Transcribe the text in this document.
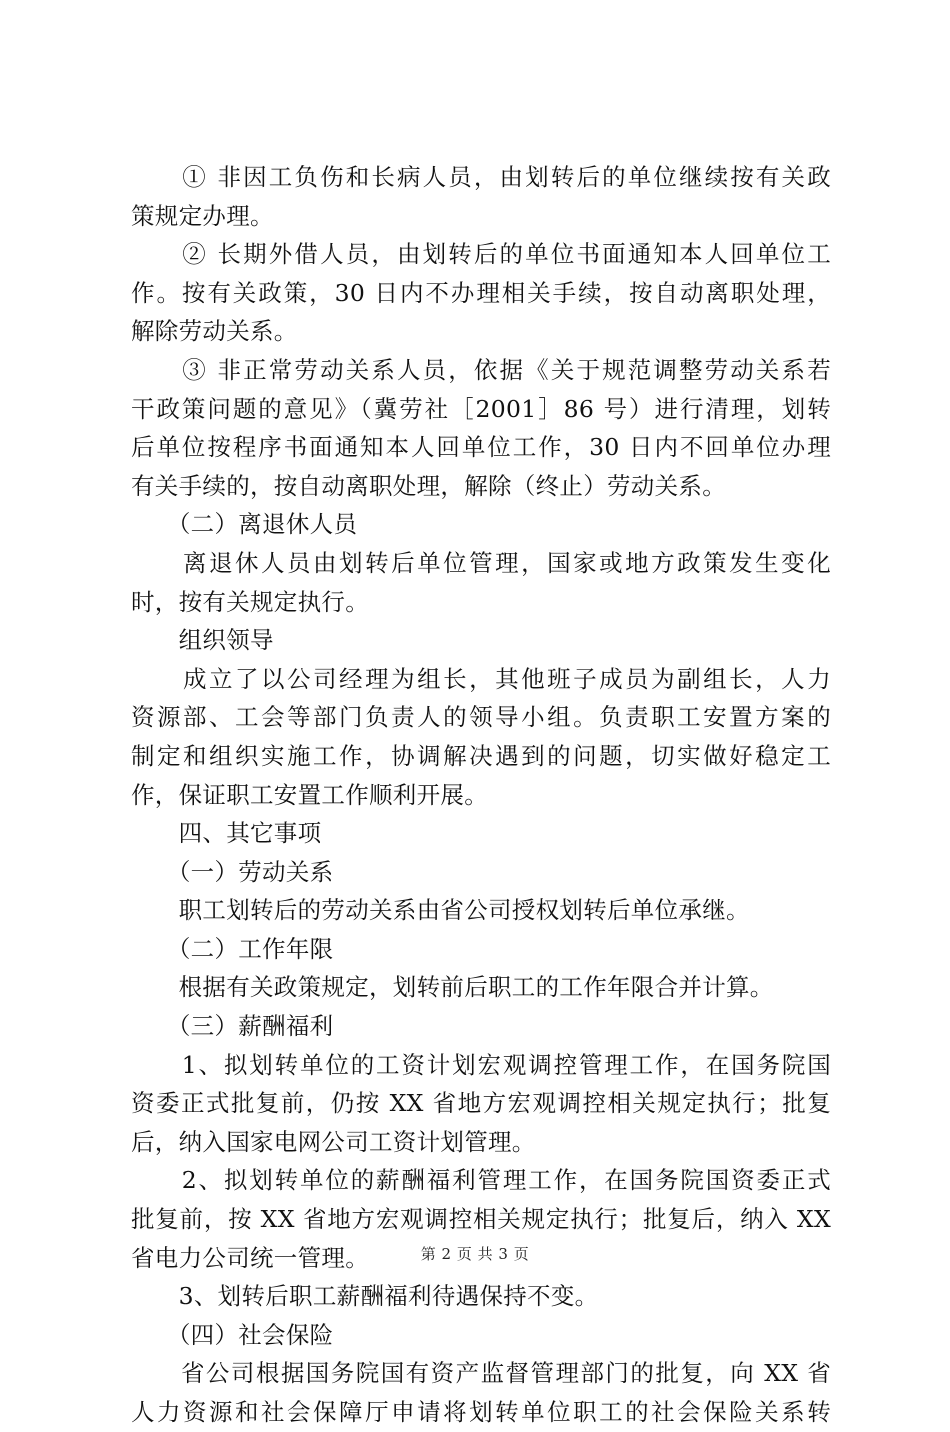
　　① 非因工负伤和长病人员，由划转后的单位继续按有关政
策规定办理。
　　② 长期外借人员，由划转后的单位书面通知本人回单位工
作。按有关政策，30 日内不办理相关手续，按自动离职处理，
解除劳动关系。
　　③ 非正常劳动关系人员，依据《关于规范调整劳动关系若
干政策问题的意见》（冀劳社［2001］86 号）进行清理，划转
后单位按程序书面通知本人回单位工作，30 日内不回单位办理
有关手续的，按自动离职处理，解除（终止）劳动关系。
　　（二）离退休人员
　　离退休人员由划转后单位管理，国家或地方政策发生变化
时，按有关规定执行。
　　组织领导
　　成立了以公司经理为组长，其他班子成员为副组长，人力
资源部、工会等部门负责人的领导小组。负责职工安置方案的
制定和组织实施工作，协调解决遇到的问题，切实做好稳定工
作，保证职工安置工作顺利开展。
　　四、其它事项
　　（一）劳动关系
　　职工划转后的劳动关系由省公司授权划转后单位承继。
　　（二）工作年限
　　根据有关政策规定，划转前后职工的工作年限合并计算。
　　（三）薪酬福利
　　1、拟划转单位的工资计划宏观调控管理工作，在国务院国
资委正式批复前，仍按 XX 省地方宏观调控相关规定执行；批复
后，纳入国家电网公司工资计划管理。
　　2、拟划转单位的薪酬福利管理工作，在国务院国资委正式
批复前，按 XX 省地方宏观调控相关规定执行；批复后，纳入 XX
省电力公司统一管理。
　　3、划转后职工薪酬福利待遇保持不变。
　　（四）社会保险
　　省公司根据国务院国有资产监督管理部门的批复，向 XX 省
人力资源和社会保障厅申请将划转单位职工的社会保险关系转
第 2 页 共 3 页
